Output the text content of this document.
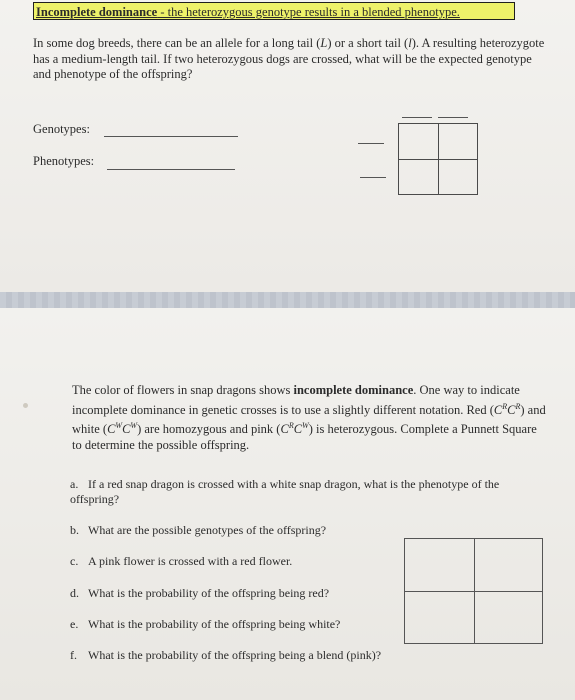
Incomplete dominance - the heterozygous genotype results in a blended phenotype.

In some dog breeds, there can be an allele for a long tail (L) or a short tail (l). A resulting heterozygote has a medium-length tail. If two heterozygous dogs are crossed, what will be the expected genotype and phenotype of the offspring?

Genotypes:
Phenotypes:

The color of flowers in snap dragons shows incomplete dominance. One way to indicate incomplete dominance in genetic crosses is to use a slightly different notation. Red $(C^RC^R)$ and white $(C^WC^W)$ are homozygous and pink $(C^RC^W)$ is heterozygous. Complete a Punnett Square to determine the possible offspring.

a. If a red snap dragon is crossed with a white snap dragon, what is the phenotype of the offspring?
b. What are the possible genotypes of the offspring?
c. A pink flower is crossed with a red flower.
d. What is the probability of the offspring being red?
e. What is the probability of the offspring being white?
f. What is the probability of the offspring being a blend (pink)?
